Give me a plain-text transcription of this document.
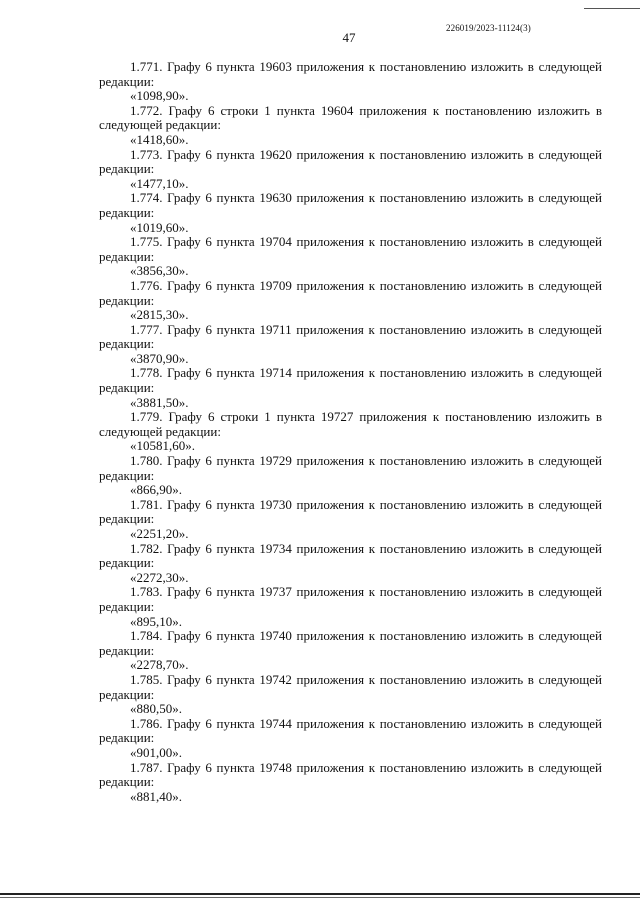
226019/2023-11124(3)
47

1.771. Графу 6 пункта 19603 приложения к постановлению изложить в следующей редакции:

«1098,90».

1.772. Графу 6 строки 1 пункта 19604 приложения к постановлению изложить в следующей редакции:

«1418,60».

1.773. Графу 6 пункта 19620 приложения к постановлению изложить в следующей редакции:

«1477,10».

1.774. Графу 6 пункта 19630 приложения к постановлению изложить в следующей редакции:

«1019,60».

1.775. Графу 6 пункта 19704 приложения к постановлению изложить в следующей редакции:

«3856,30».

1.776. Графу 6 пункта 19709 приложения к постановлению изложить в следующей редакции:

«2815,30».

1.777. Графу 6 пункта 19711 приложения к постановлению изложить в следующей редакции:

«3870,90».

1.778. Графу 6 пункта 19714 приложения к постановлению изложить в следующей редакции:

«3881,50».

1.779. Графу 6 строки 1 пункта 19727 приложения к постановлению изложить в следующей редакции:

«10581,60».

1.780. Графу 6 пункта 19729 приложения к постановлению изложить в следующей редакции:

«866,90».

1.781. Графу 6 пункта 19730 приложения к постановлению изложить в следующей редакции:

«2251,20».

1.782. Графу 6 пункта 19734 приложения к постановлению изложить в следующей редакции:

«2272,30».

1.783. Графу 6 пункта 19737 приложения к постановлению изложить в следующей редакции:

«895,10».

1.784. Графу 6 пункта 19740 приложения к постановлению изложить в следующей редакции:

«2278,70».

1.785. Графу 6 пункта 19742 приложения к постановлению изложить в следующей редакции:

«880,50».

1.786. Графу 6 пункта 19744 приложения к постановлению изложить в следующей редакции:

«901,00».

1.787. Графу 6 пункта 19748 приложения к постановлению изложить в следующей редакции:

«881,40».
